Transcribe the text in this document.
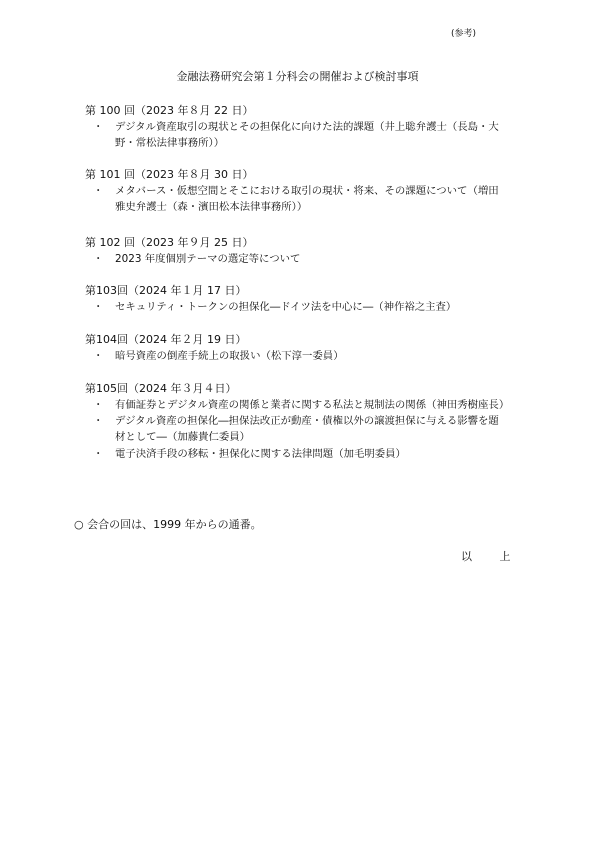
(参考)
金融法務研究会第１分科会の開催および検討事項
第 100 回（2023 年８月 22 日）
・ デジタル資産取引の現状とその担保化に向けた法的課題（井上聡弁護士（長島・大野・常松法律事務所））
第 101 回（2023 年８月 30 日）
・ メタバース・仮想空間とそこにおける取引の現状・将来、その課題について（増田雅史弁護士（森・濱田松本法律事務所））
第 102 回（2023 年９月 25 日）
・ 2023 年度個別テーマの選定等について
第103回（2024 年１月 17 日）
・ セキュリティ・トークンの担保化―ドイツ法を中心に―（神作裕之主査）
第104回（2024 年２月 19 日）
・ 暗号資産の倒産手続上の取扱い（松下淳一委員）
第105回（2024 年３月４日）
・ 有価証券とデジタル資産の関係と業者に関する私法と規制法の関係（神田秀樹座長）
・ デジタル資産の担保化―担保法改正が動産・債権以外の譲渡担保に与える影響を題材として―（加藤貴仁委員）
・ 電子決済手段の移転・担保化に関する法律問題（加毛明委員）
○ 会合の回は、1999 年からの通番。
以 上
